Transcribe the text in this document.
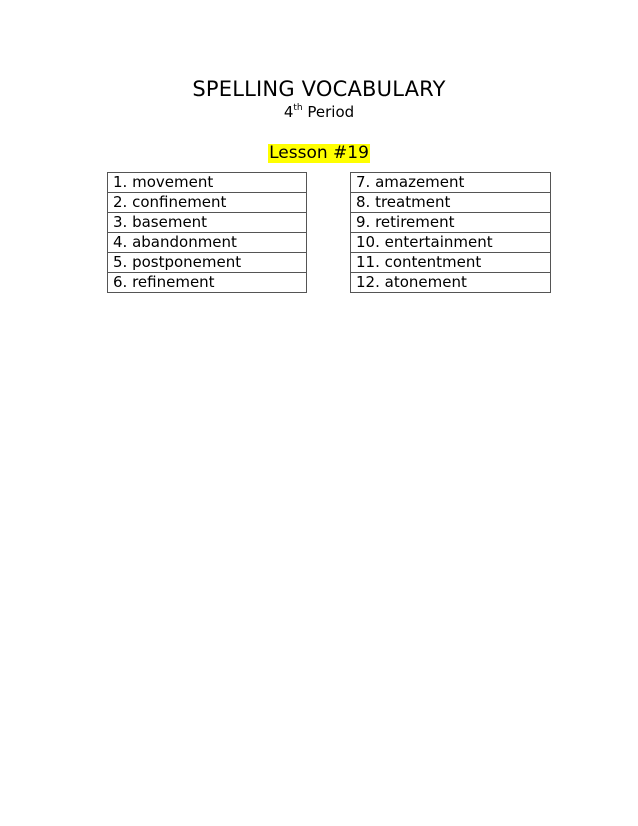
SPELLING VOCABULARY
4th Period
Lesson #19
1. movement
2. confinement
3. basement
4. abandonment
5. postponement
6. refinement
7. amazement
8. treatment
9. retirement
10. entertainment
11. contentment
12. atonement
